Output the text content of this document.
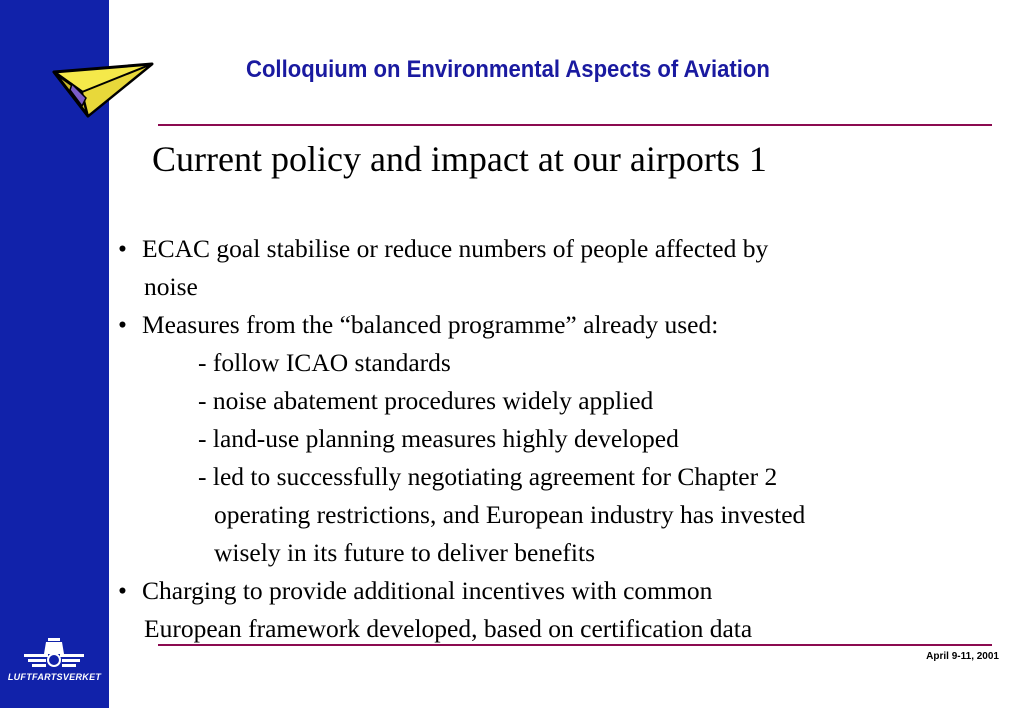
Colloquium on Environmental Aspects of Aviation
Current policy and impact at our airports 1
• ECAC goal stabilise or reduce numbers of people affected by
noise
• Measures from the “balanced programme” already used:
- follow ICAO standards
- noise abatement procedures widely applied
- land-use planning measures highly developed
- led to successfully negotiating agreement for Chapter 2
operating restrictions, and European industry has invested
wisely in its future to deliver benefits
• Charging to provide additional incentives with common
European framework developed, based on certification data
April 9-11, 2001
LUFTFARTSVERKET
